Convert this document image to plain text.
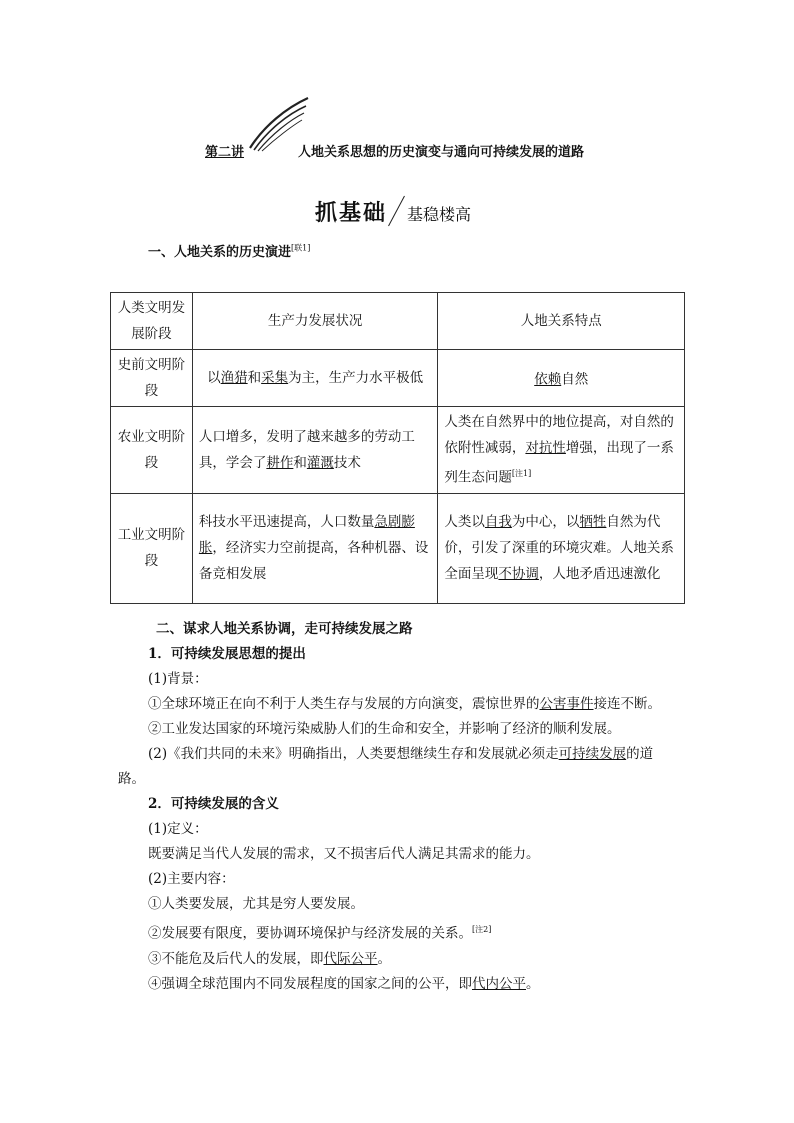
第二讲	人地关系思想的历史演变与通向可持续发展的道路
抓基础 基稳楼高
一、人地关系的历史演进[联1]
人类文明发展阶段	生产力发展状况	人地关系特点
史前文明阶段	以渔猎和采集为主，生产力水平极低	依赖自然
农业文明阶段	人口增多，发明了越来越多的劳动工具，学会了耕作和灌溉技术	人类在自然界中的地位提高，对自然的依附性减弱，对抗性增强，出现了一系列生态问题[注1]
工业文明阶段	科技水平迅速提高，人口数量急剧膨胀，经济实力空前提高，各种机器、设备竞相发展	人类以自我为中心，以牺牲自然为代价，引发了深重的环境灾难。人地关系全面呈现不协调，人地矛盾迅速激化
二、谋求人地关系协调，走可持续发展之路
1．可持续发展思想的提出
(1)背景：
①全球环境正在向不利于人类生存与发展的方向演变，震惊世界的公害事件接连不断。
②工业发达国家的环境污染威胁人们的生命和安全，并影响了经济的顺利发展。
(2)《我们共同的未来》明确指出，人类要想继续生存和发展就必须走可持续发展的道
路。
2．可持续发展的含义
(1)定义：
既要满足当代人发展的需求，又不损害后代人满足其需求的能力。
(2)主要内容：
①人类要发展，尤其是穷人要发展。
②发展要有限度，要协调环境保护与经济发展的关系。[注2]
③不能危及后代人的发展，即代际公平。
④强调全球范围内不同发展程度的国家之间的公平，即代内公平。
